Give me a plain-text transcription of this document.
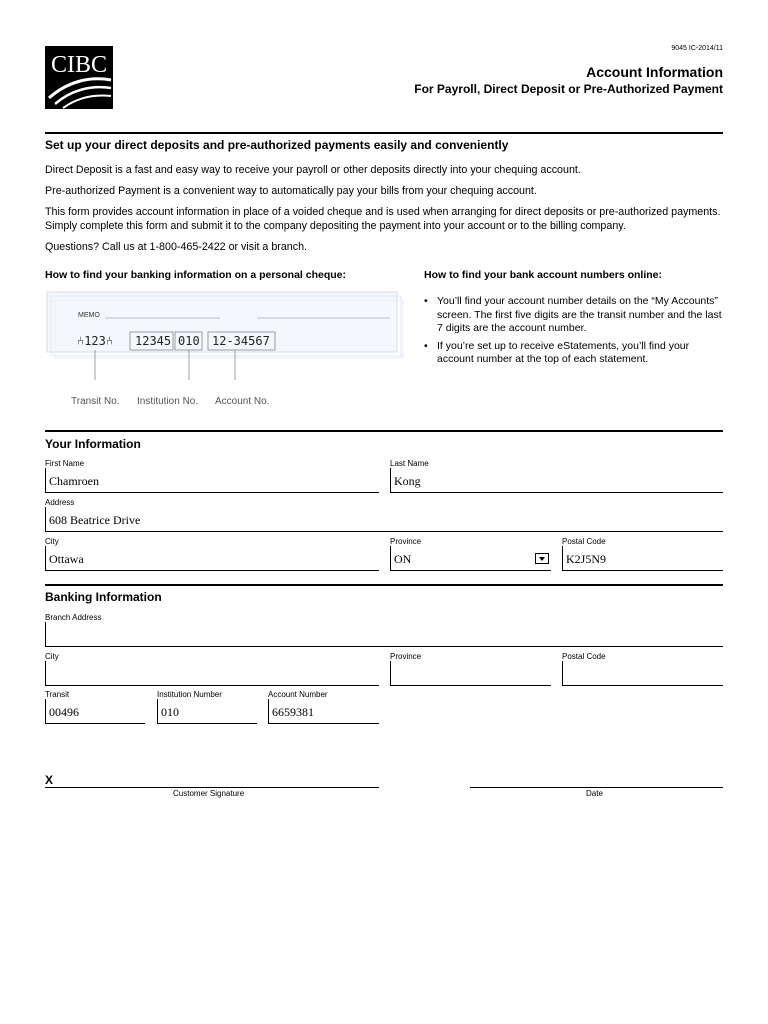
CIBC
9045 IC-2014/11
Account Information
For Payroll, Direct Deposit or Pre-Authorized Payment
Set up your direct deposits and pre-authorized payments easily and conveniently
Direct Deposit is a fast and easy way to receive your payroll or other deposits directly into your chequing account.
Pre-authorized Payment is a convenient way to automatically pay your bills from your chequing account.
This form provides account information in place of a voided cheque and is used when arranging for direct deposits or pre-authorized payments. Simply complete this form and submit it to the company depositing the payment into your account or to the billing company.
Questions? Call us at 1-800-465-2422 or visit a branch.
How to find your banking information on a personal cheque:
MEMO
⑃123⑃ 12345 010 12-34567
Transit No. Institution No. Account No.
How to find your bank account numbers online:
• You’ll find your account number details on the “My Accounts” screen. The first five digits are the transit number and the last 7 digits are the account number.
• If you’re set up to receive eStatements, you’ll find your account number at the top of each statement.
Your Information
First Name
Chamroen
Last Name
Kong
Address
608 Beatrice Drive
City
Ottawa
Province
ON
Postal Code
K2J5N9
Banking Information
Branch Address
City	Province	Postal Code
Transit
00496
Institution Number
010
Account Number
6659381
X
Customer Signature	Date
